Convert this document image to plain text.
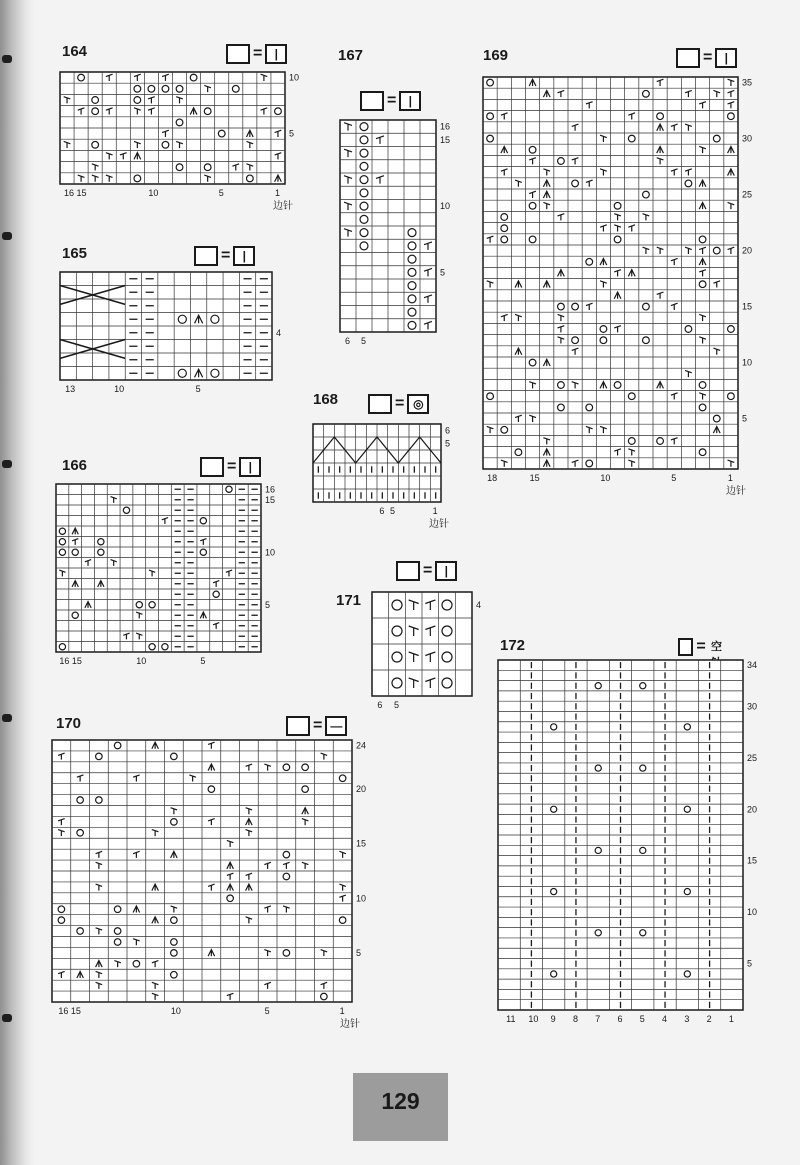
164	=	|
10
5
16 15	10	5	1
边针
165	=	|
4
13	10	5
166	=	|
16
15
10
5
16 15	10	5
167
=	|
16
15
10
5
6 5
168	= ◎
6
5
6 5	1
边针
169	=	|
35
30
25
20
15
10
5
18	15	10	5	1
边针
170	= —
24
20
15
10
5
16 15	10	5	1
边针
171
=	|
4
6 5
172	= 空
34
30
25
20
15
10
5
11 10 9 8 7 6 5 4 3 2 1
129
